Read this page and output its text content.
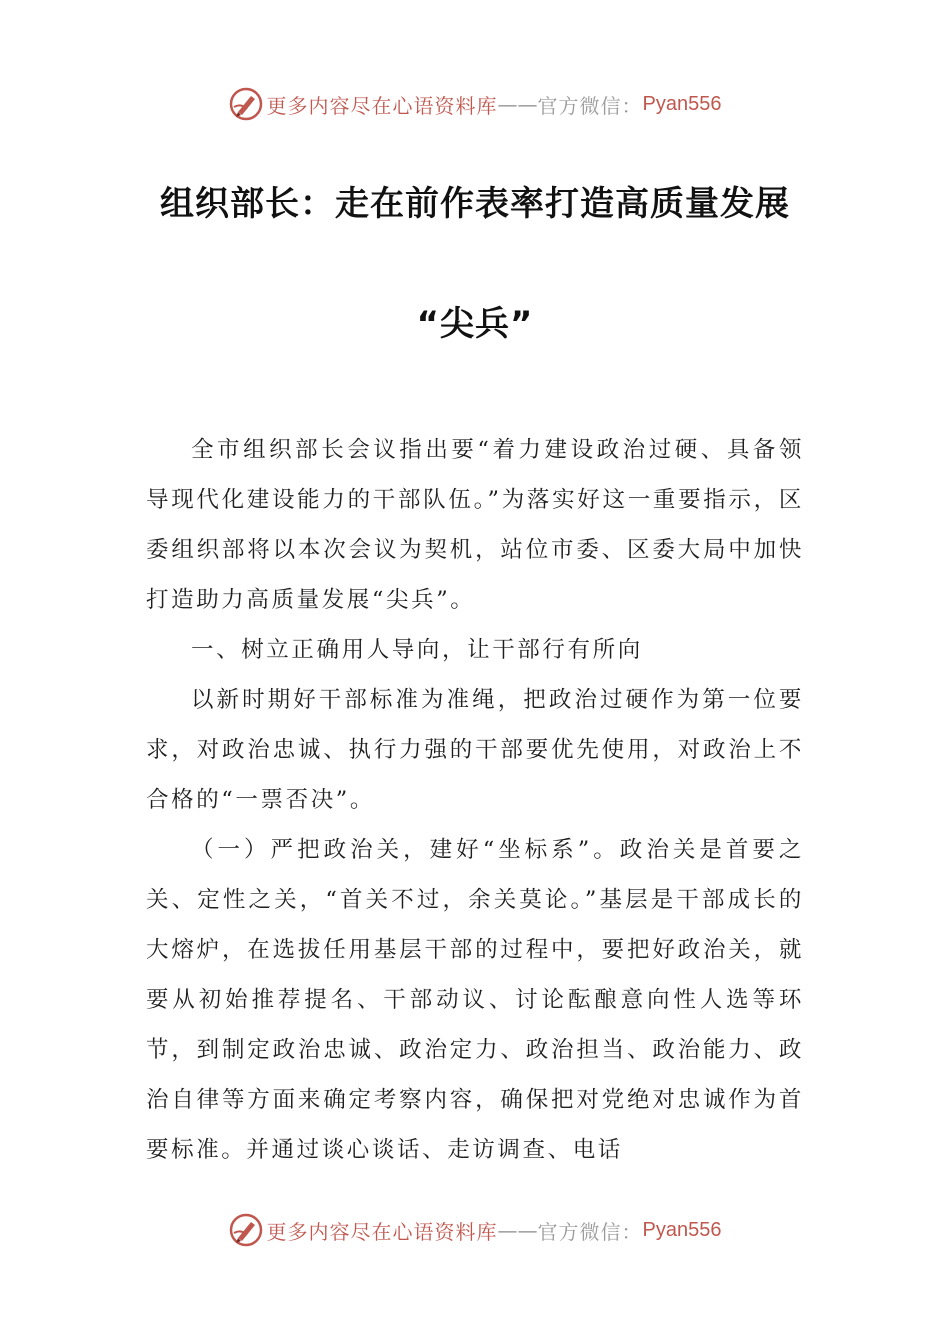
更多内容尽在心语资料库 —— 官方微信： Pyan556
组织部长：走在前作表率打造高质量发展
“尖兵”

全市组织部长会议指出要“着力建设政治过硬、具备领导现代化建设能力的干部队伍。”为落实好这一重要指示，区委组织部将以本次会议为契机，站位市委、区委大局中加快打造助力高质量发展“尖兵”。

一、树立正确用人导向，让干部行有所向

以新时期好干部标准为准绳，把政治过硬作为第一位要求，对政治忠诚、执行力强的干部要优先使用，对政治上不合格的“一票否决”。

（一）严把政治关，建好“坐标系”。政治关是首要之关、定性之关，“首关不过，余关莫论。”基层是干部成长的大熔炉，在选拔任用基层干部的过程中，要把好政治关，就要从初始推荐提名、干部动议、讨论酝酿意向性人选等环节，到制定政治忠诚、政治定力、政治担当、政治能力、政治自律等方面来确定考察内容，确保把对党绝对忠诚作为首要标准。并通过谈心谈话、走访调查、电话

更多内容尽在心语资料库 —— 官方微信： Pyan556
